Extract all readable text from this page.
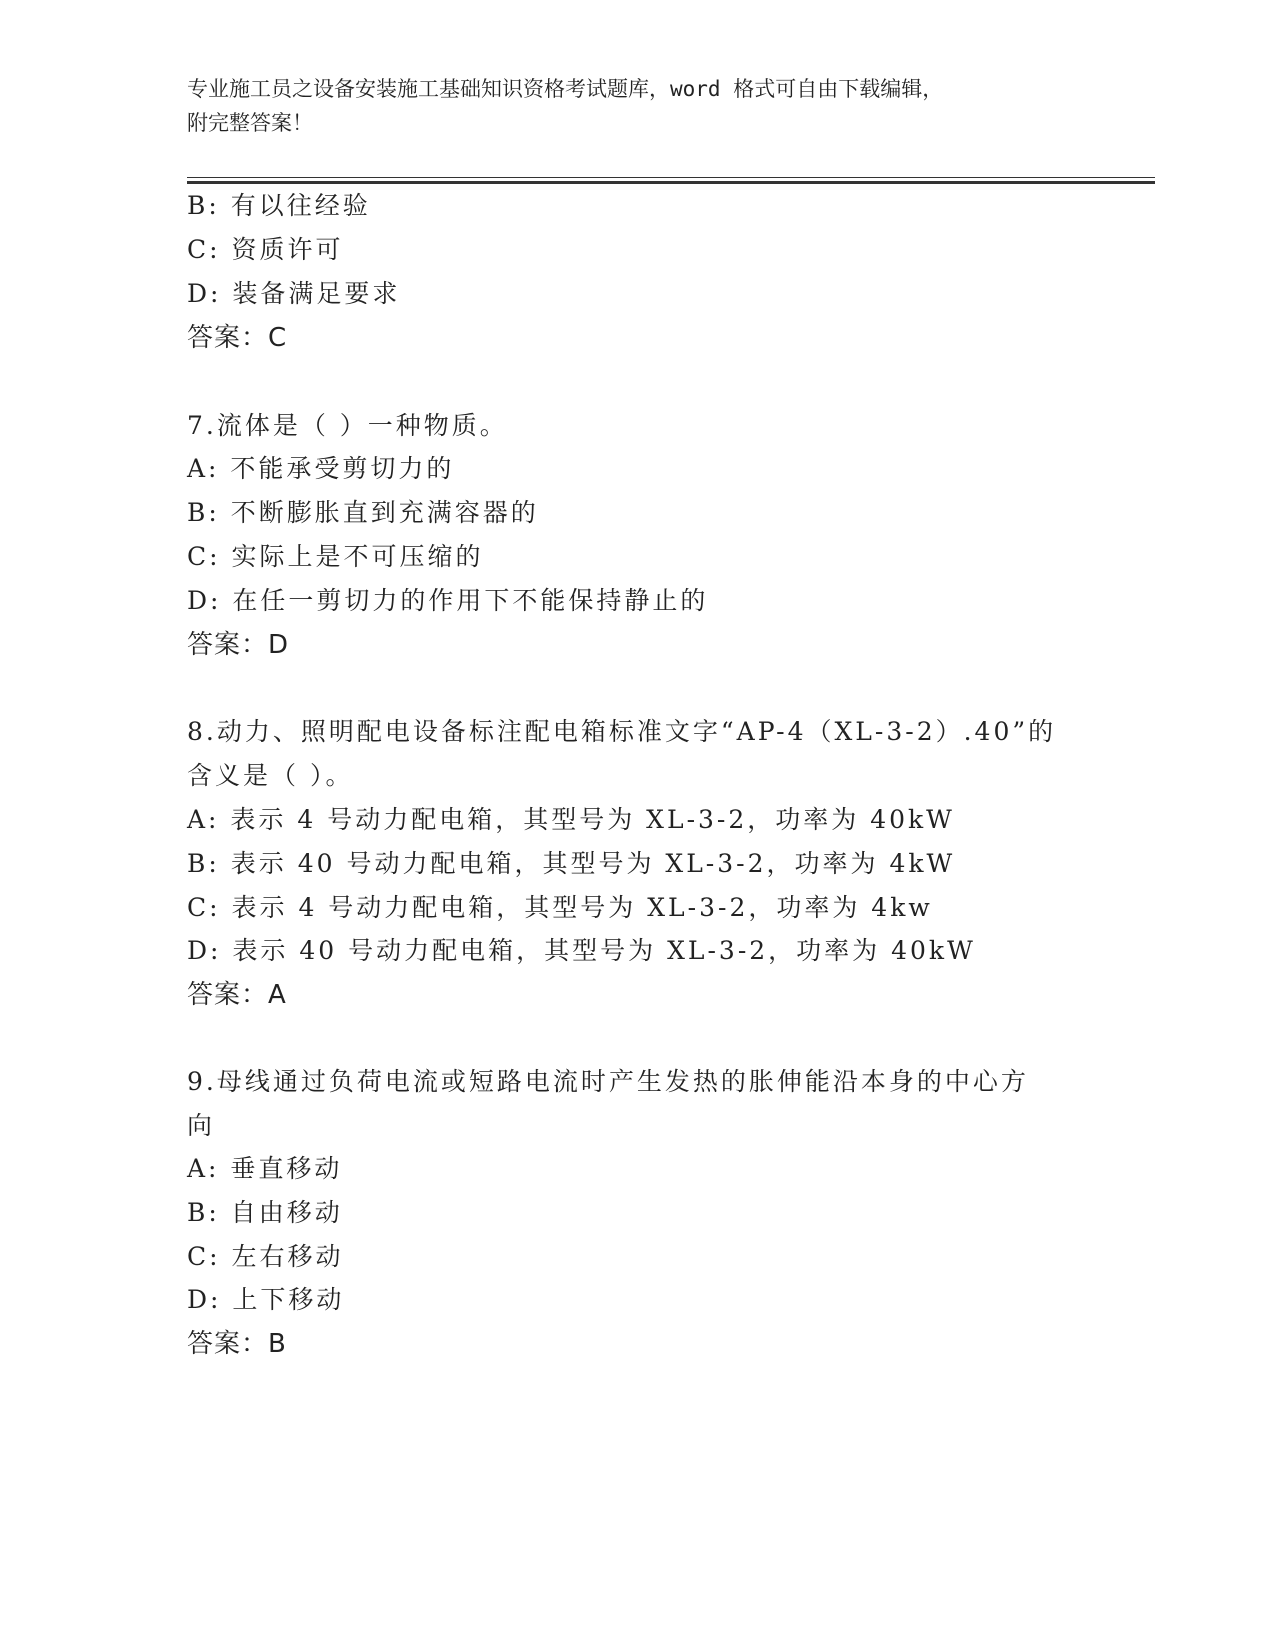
专业施工员之设备安装施工基础知识资格考试题库，word 格式可自由下载编辑，
附完整答案！
B: 有以往经验
C: 资质许可
D: 装备满足要求
答案：C
7.流体是（ ）一种物质。
A: 不能承受剪切力的
B: 不断膨胀直到充满容器的
C: 实际上是不可压缩的
D: 在任一剪切力的作用下不能保持静止的
答案：D
8.动力、照明配电设备标注配电箱标准文字“AP-4（XL-3-2）.40”的
含义是（ ）。
A: 表示 4 号动力配电箱，其型号为 XL-3-2，功率为 40kW
B: 表示 40 号动力配电箱，其型号为 XL-3-2，功率为 4kW
C: 表示 4 号动力配电箱，其型号为 XL-3-2，功率为 4kw
D: 表示 40 号动力配电箱，其型号为 XL-3-2，功率为 40kW
答案：A
9.母线通过负荷电流或短路电流时产生发热的胀伸能沿本身的中心方
向
A: 垂直移动
B: 自由移动
C: 左右移动
D: 上下移动
答案：B
